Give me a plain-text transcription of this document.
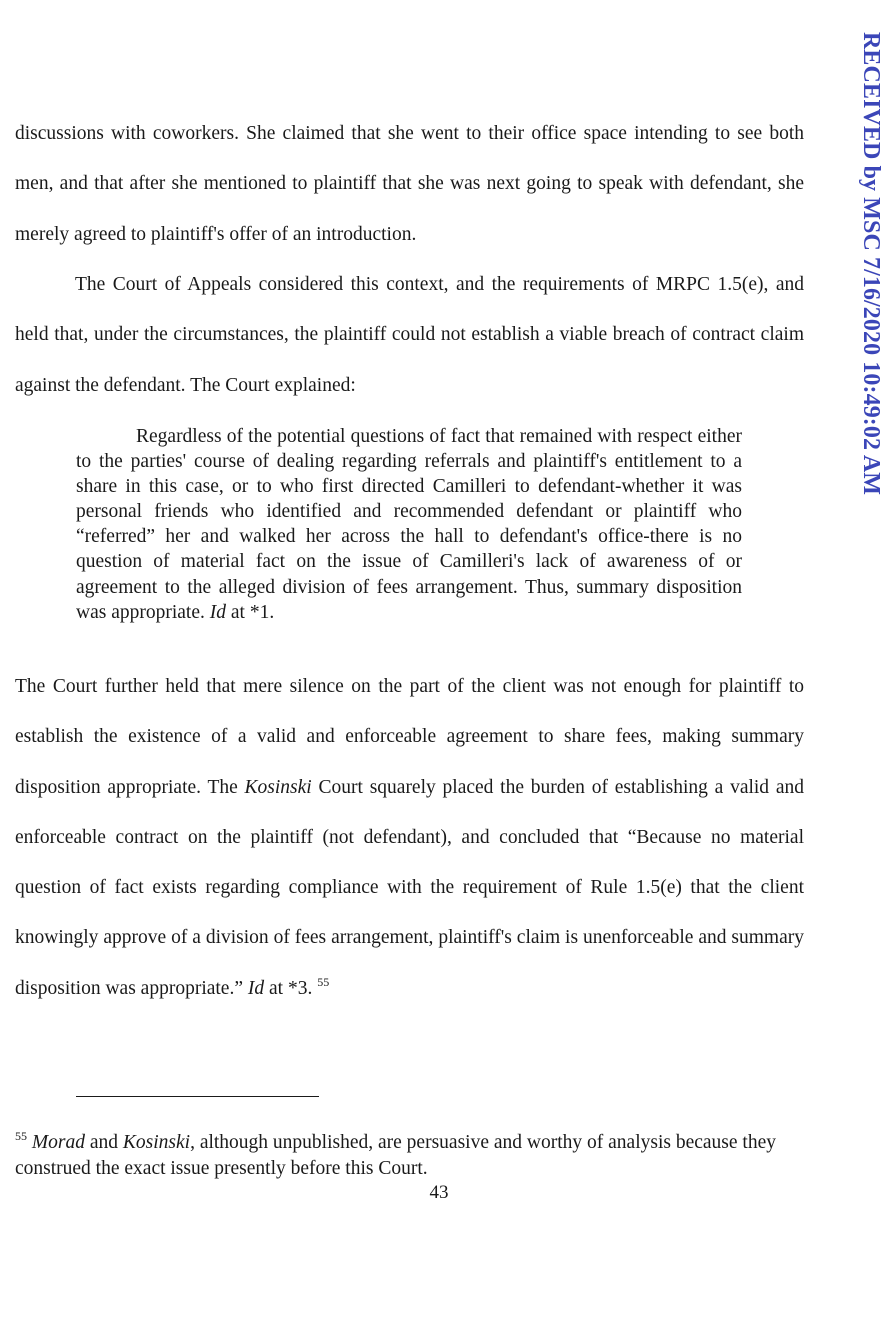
discussions with coworkers. She claimed that she went to their office space intending to see both men, and that after she mentioned to plaintiff that she was next going to speak with defendant, she merely agreed to plaintiff's offer of an introduction.
The Court of Appeals considered this context, and the requirements of MRPC 1.5(e), and held that, under the circumstances, the plaintiff could not establish a viable breach of contract claim against the defendant. The Court explained:
Regardless of the potential questions of fact that remained with respect either to the parties' course of dealing regarding referrals and plaintiff's entitlement to a share in this case, or to who first directed Camilleri to defendant-whether it was personal friends who identified and recommended defendant or plaintiff who “referred” her and walked her across the hall to defendant's office-there is no question of material fact on the issue of Camilleri's lack of awareness of or agreement to the alleged division of fees arrangement. Thus, summary disposition was appropriate. Id at *1.
The Court further held that mere silence on the part of the client was not enough for plaintiff to establish the existence of a valid and enforceable agreement to share fees, making summary disposition appropriate. The Kosinski Court squarely placed the burden of establishing a valid and enforceable contract on the plaintiff (not defendant), and concluded that “Because no material question of fact exists regarding compliance with the requirement of Rule 1.5(e) that the client knowingly approve of a division of fees arrangement, plaintiff's claim is unenforceable and summary disposition was appropriate.” Id at *3. $^{55}$
$^{55}$ Morad and Kosinski, although unpublished, are persuasive and worthy of analysis because they construed the exact issue presently before this Court.
43
RECEIVED by MSC 7/16/2020 10:49:02 AM
